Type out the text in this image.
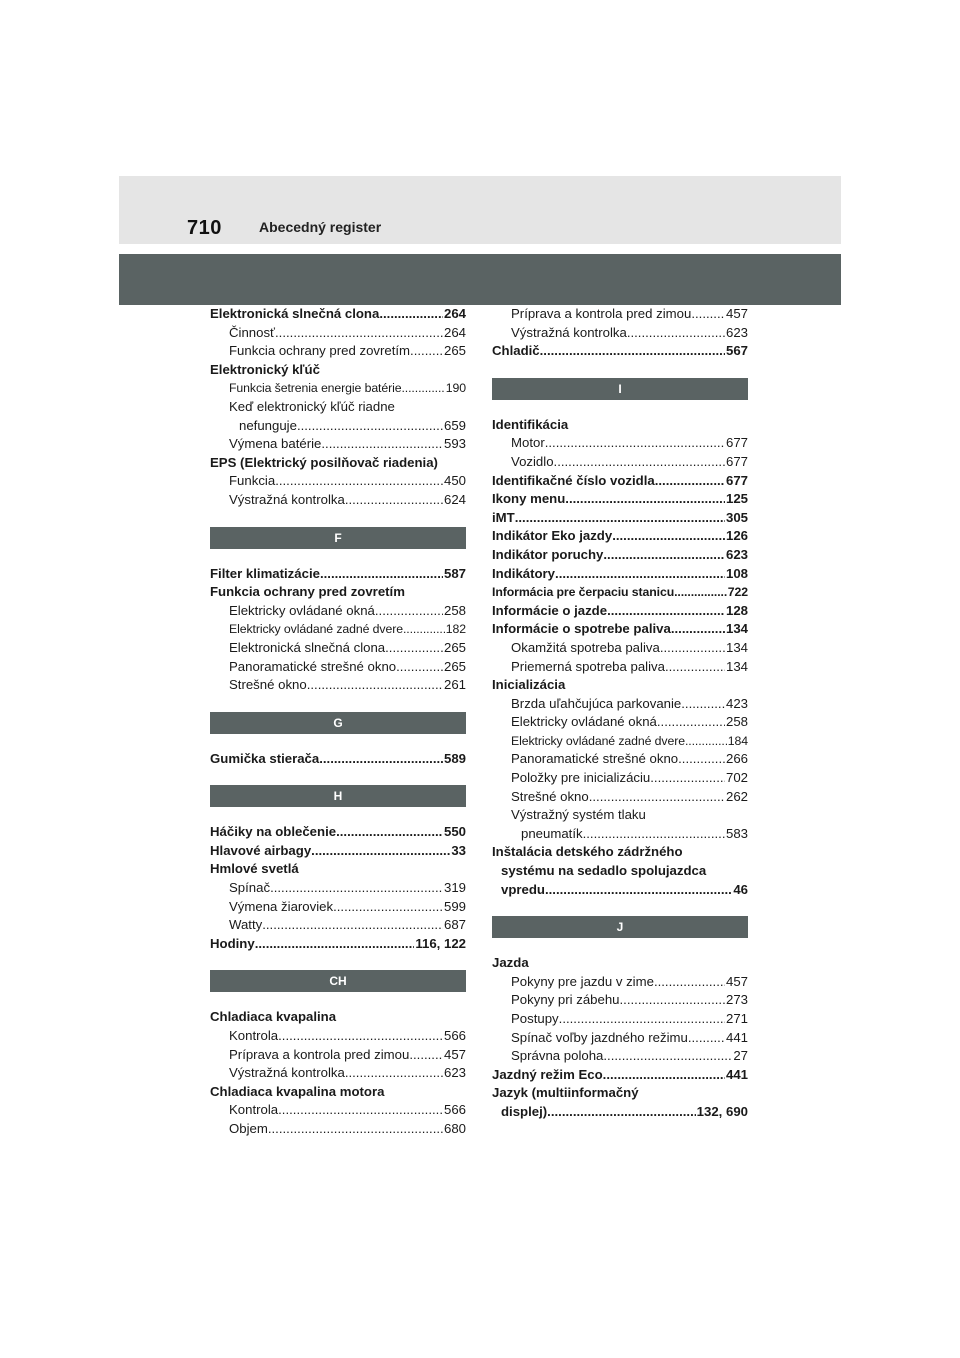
710	Abecedný register
Elektronická slnečná clona .....	264
Činnosť .....	264
Funkcia ochrany pred zovretím .....	265
Elektronický kľúč
Funkcia šetrenia energie batérie .....	190
Keď elektronický kľúč riadne
nefunguje .....	659
Výmena batérie .....	593
EPS (Elektrický posilňovač riadenia)
Funkcia .....	450
Výstražná kontrolka .....	624
F
Filter klimatizácie .....	587
Funkcia ochrany pred zovretím
Elektricky ovládané okná .....	258
Elektricky ovládané zadné dvere .....	182
Elektronická slnečná clona .....	265
Panoramatické strešné okno .....	265
Strešné okno .....	261
G
Gumička stierača .....	589
H
Háčiky na oblečenie .....	550
Hlavové airbagy .....	33
Hmlové svetlá
Spínač .....	319
Výmena žiaroviek .....	599
Watty .....	687
Hodiny .....	116, 122
CH
Chladiaca kvapalina
Kontrola .....	566
Príprava a kontrola pred zimou .....	457
Výstražná kontrolka .....	623
Chladiaca kvapalina motora
Kontrola .....	566
Objem .....	680
Príprava a kontrola pred zimou .....	457
Výstražná kontrolka .....	623
Chladič .....	567
I
Identifikácia
Motor .....	677
Vozidlo .....	677
Identifikačné číslo vozidla .....	677
Ikony menu .....	125
iMT .....	305
Indikátor Eko jazdy .....	126
Indikátor poruchy .....	623
Indikátory .....	108
Informácia pre čerpaciu stanicu .....	722
Informácie o jazde .....	128
Informácie o spotrebe paliva .....	134
Okamžitá spotreba paliva .....	134
Priemerná spotreba paliva .....	134
Inicializácia
Brzda uľahčujúca parkovanie .....	423
Elektricky ovládané okná .....	258
Elektricky ovládané zadné dvere .....	184
Panoramatické strešné okno .....	266
Položky pre inicializáciu .....	702
Strešné okno .....	262
Výstražný systém tlaku
pneumatík .....	583
Inštalácia detského zádržného
systému na sedadlo spolujazdca
vpredu .....	46
J
Jazda
Pokyny pre jazdu v zime .....	457
Pokyny pri zábehu .....	273
Postupy .....	271
Spínač voľby jazdného režimu .....	441
Správna poloha .....	27
Jazdný režim Eco .....	441
Jazyk (multiinformačný
displej) .....	132, 690
